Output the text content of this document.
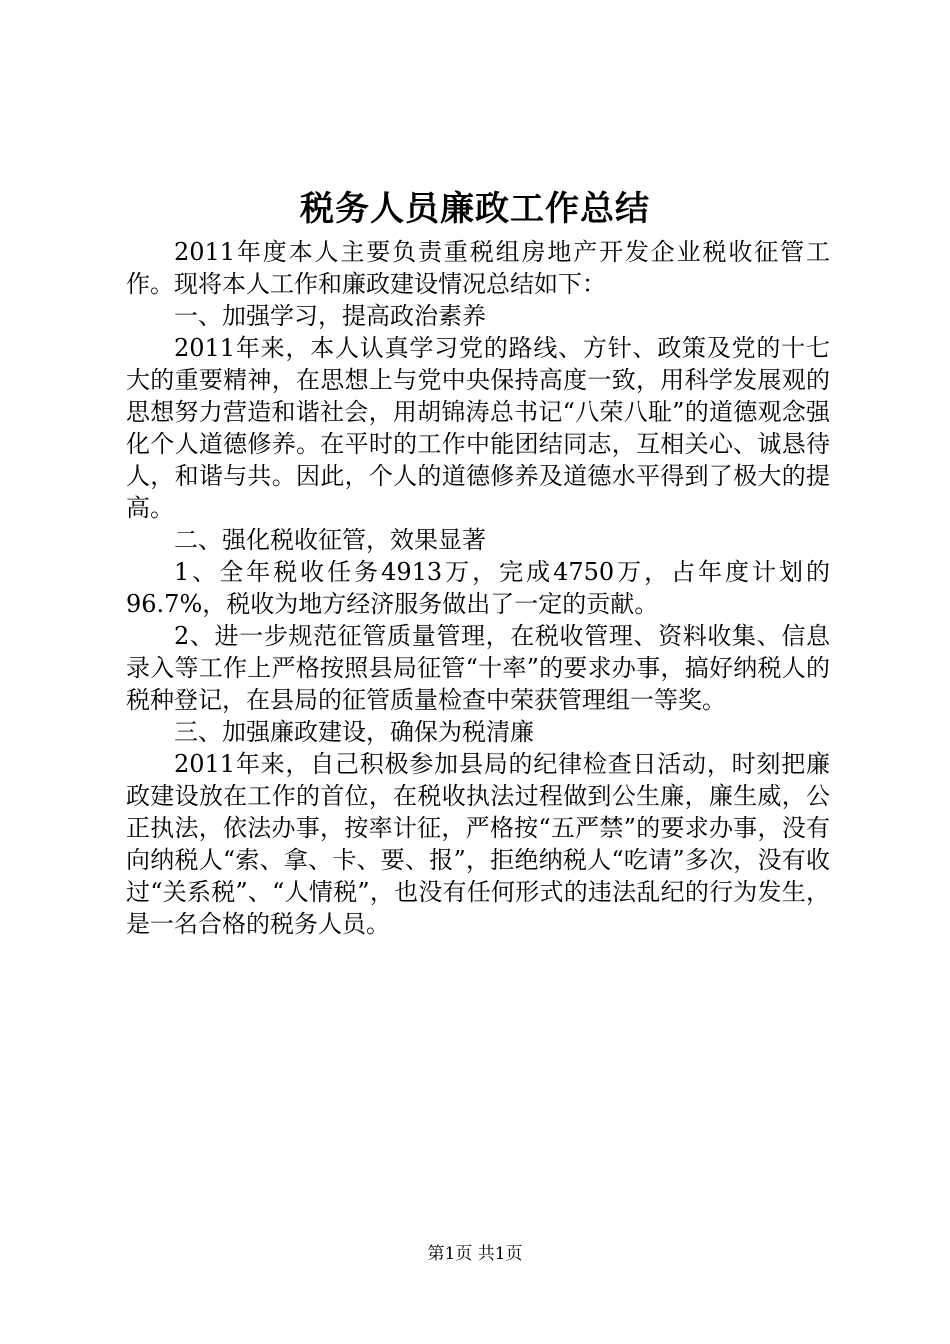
税务人员廉政工作总结

2011年度本人主要负责重税组房地产开发企业税收征管工作。现将本人工作和廉政建设情况总结如下：

一、加强学习，提高政治素养

2011年来，本人认真学习党的路线、方针、政策及党的十七大的重要精神，在思想上与党中央保持高度一致，用科学发展观的思想努力营造和谐社会，用胡锦涛总书记“八荣八耻”的道德观念强化个人道德修养。在平时的工作中能团结同志，互相关心、诚恳待人，和谐与共。因此，个人的道德修养及道德水平得到了极大的提高。

二、强化税收征管，效果显著

1、全年税收任务4913万，完成4750万，占年度计划的96.7%，税收为地方经济服务做出了一定的贡献。

2、进一步规范征管质量管理，在税收管理、资料收集、信息录入等工作上严格按照县局征管“十率”的要求办事，搞好纳税人的税种登记，在县局的征管质量检查中荣获管理组一等奖。

三、加强廉政建设，确保为税清廉

2011年来，自己积极参加县局的纪律检查日活动，时刻把廉政建设放在工作的首位，在税收执法过程做到公生廉，廉生威，公正执法，依法办事，按率计征，严格按“五严禁”的要求办事，没有向纳税人“索、拿、卡、要、报”，拒绝纳税人“吃请”多次，没有收过“关系税”、“人情税”，也没有任何形式的违法乱纪的行为发生，是一名合格的税务人员。

第1页 共1页
